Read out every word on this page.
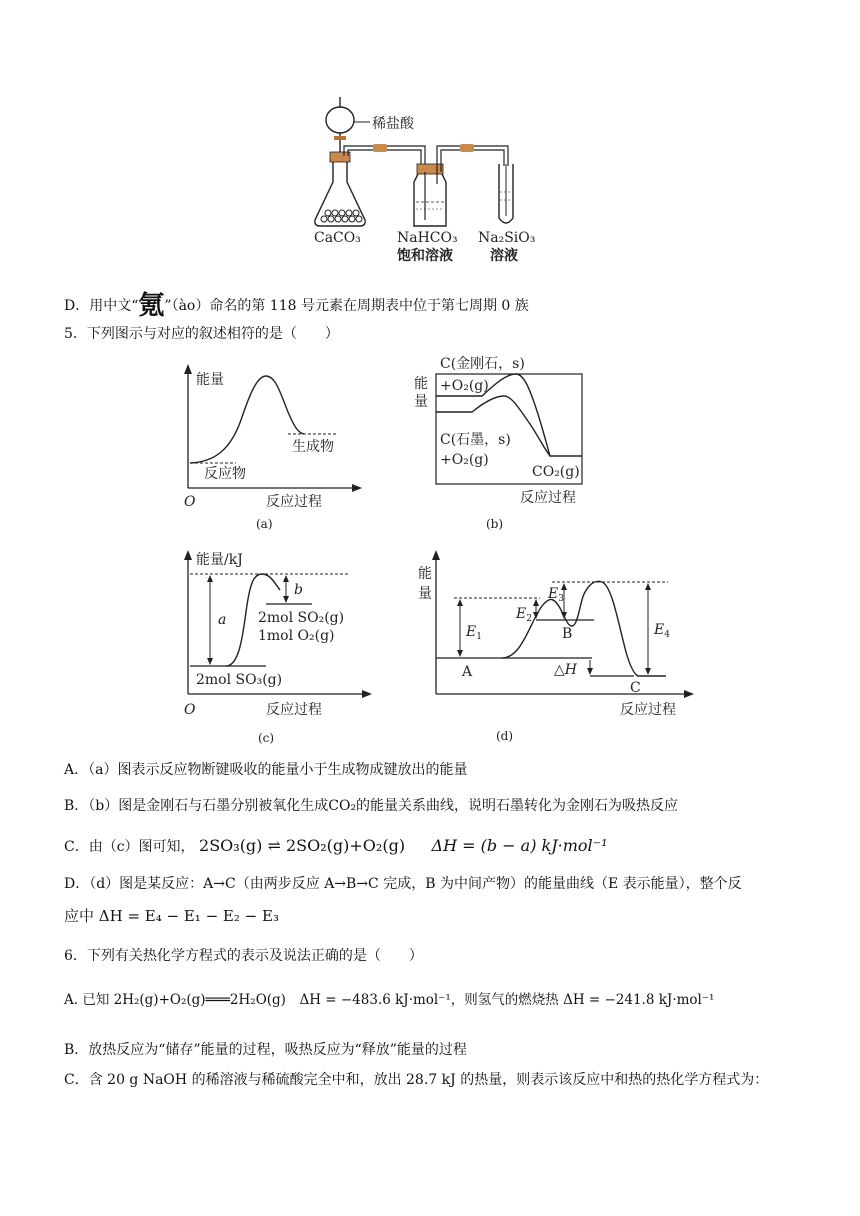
稀盐酸
CaCO₃	NaHCO₃
饱和溶液
Na₂SiO₃
溶液
D．用中文“氪”（ào）命名的第 118 号元素在周期表中位于第七周期 0 族
5．下列图示与对应的叙述相符的是（　　）
能量
生成物
反应物
O	反应过程
(a)
C(金刚石，s)
+O₂(g)
能
量
C(石墨，s)
+O₂(g)
CO₂(g)
反应过程
(b)
能量/kJ
a
b
2mol SO₂(g)
1mol O₂(g)
2mol SO₃(g)
O	反应过程
(c)
能
量
$E_1$
$E_2$
$E_3$
$E_4$
A
B
C
△H
反应过程
(d)
A．（a）图表示反应物断键吸收的能量小于生成物成键放出的能量
B．（b）图是金刚石与石墨分别被氧化生成CO₂的能量关系曲线，说明石墨转化为金刚石为吸热反应
C．由（c）图可知， 2SO₃(g) ⇌ 2SO₂(g)+O₂(g) ΔH = (b − a) kJ·mol⁻¹
D．（d）图是某反应：A→C（由两步反应 A→B→C 完成，B 为中间产物）的能量曲线（E 表示能量），整个反
应中 ΔH = E₄ − E₁ − E₂ − E₃
6．下列有关热化学方程式的表示及说法正确的是（　　）
A. 已知 2H₂(g)+O₂(g)═══2H₂O(g)　ΔH = −483.6 kJ·mol⁻¹，则氢气的燃烧热 ΔH = −241.8 kJ·mol⁻¹
B．放热反应为“储存”能量的过程，吸热反应为“释放”能量的过程
C．含 20 g NaOH 的稀溶液与稀硫酸完全中和，放出 28.7 kJ 的热量，则表示该反应中和热的热化学方程式为：
